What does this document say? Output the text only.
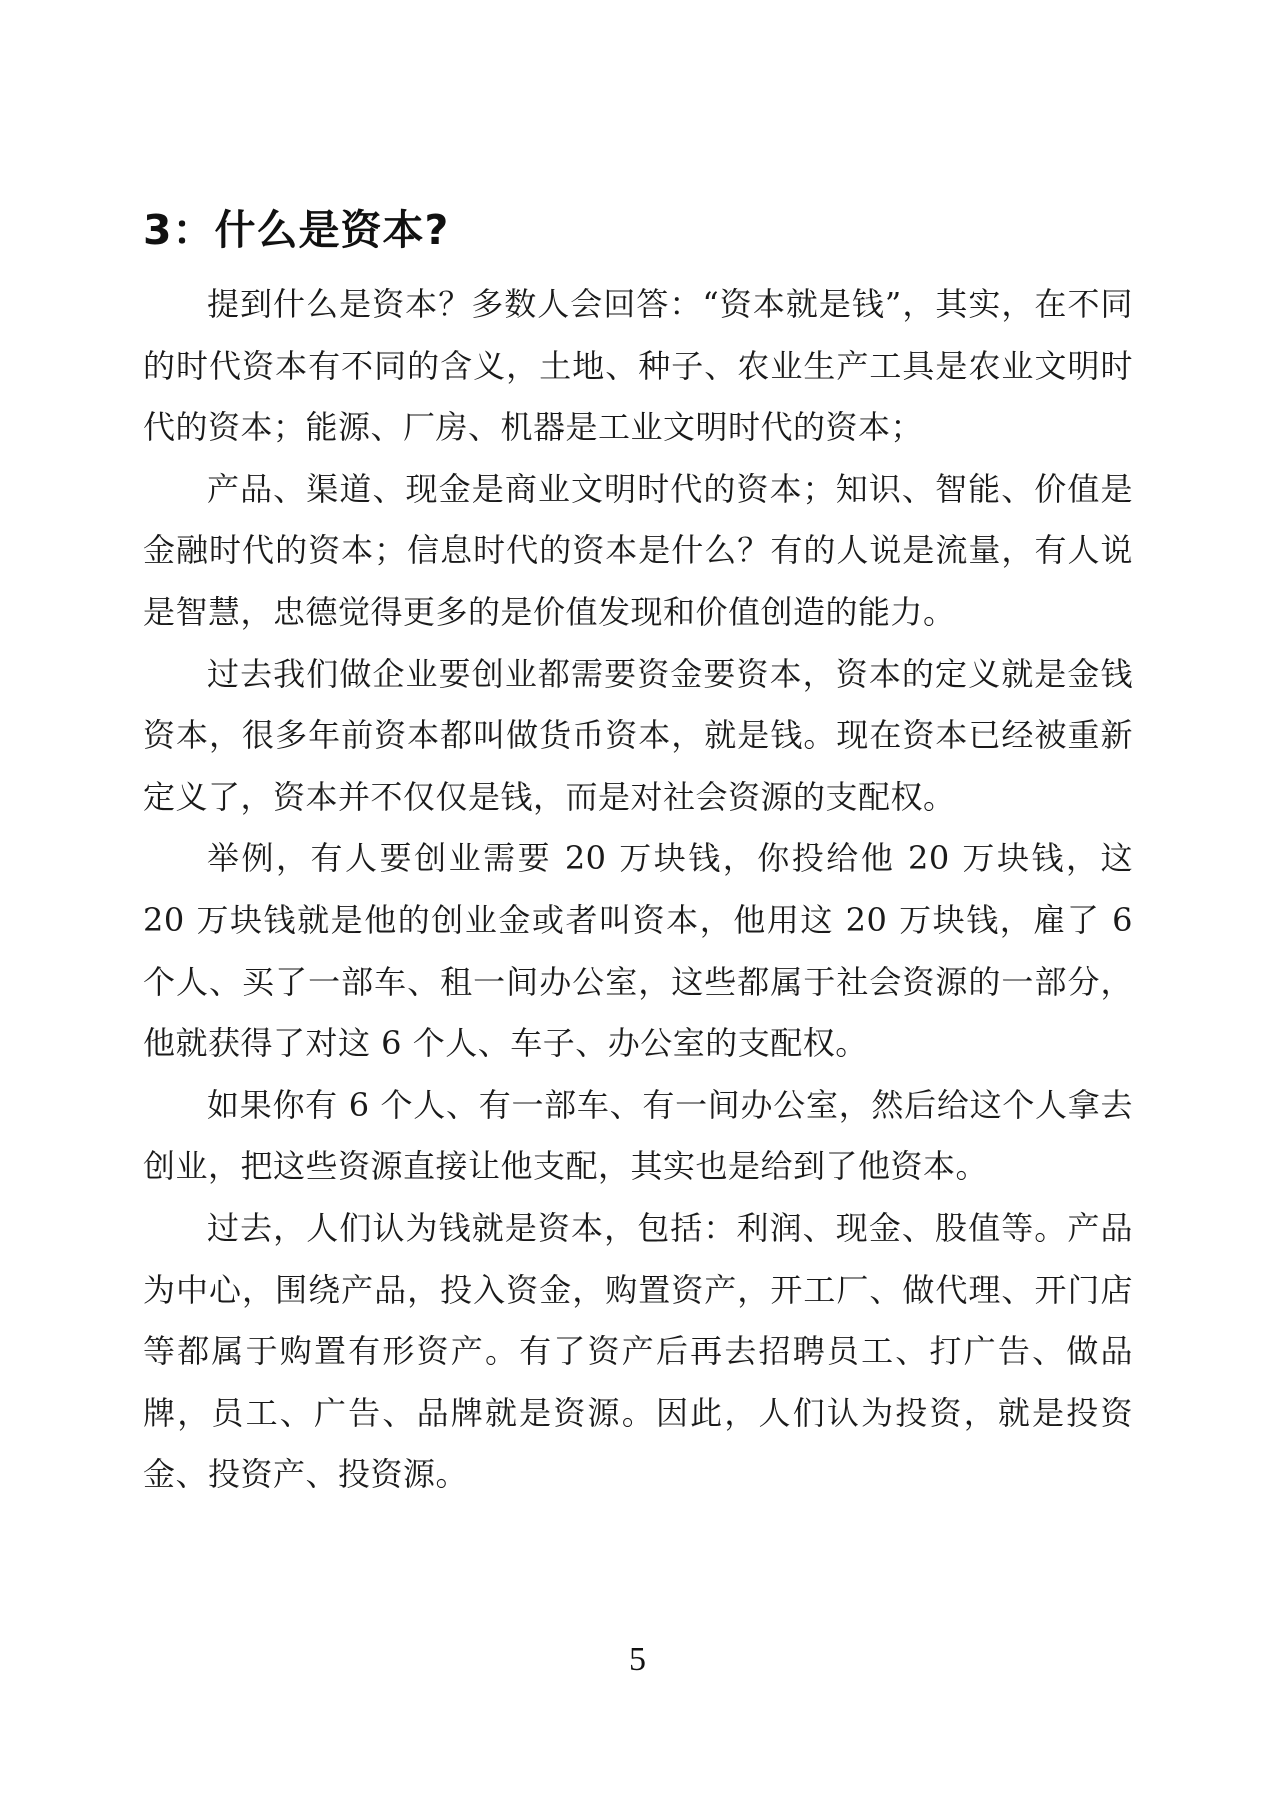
3：什么是资本?

提到什么是资本？多数人会回答：“资本就是钱”，其实，在不同的时代资本有不同的含义，土地、种子、农业生产工具是农业文明时代的资本；能源、厂房、机器是工业文明时代的资本；

产品、渠道、现金是商业文明时代的资本；知识、智能、价值是金融时代的资本；信息时代的资本是什么？有的人说是流量，有人说是智慧，忠德觉得更多的是价值发现和价值创造的能力。

过去我们做企业要创业都需要资金要资本，资本的定义就是金钱资本，很多年前资本都叫做货币资本，就是钱。现在资本已经被重新定义了，资本并不仅仅是钱，而是对社会资源的支配权。

举例，有人要创业需要 20 万块钱，你投给他 20 万块钱，这 20 万块钱就是他的创业金或者叫资本，他用这 20 万块钱，雇了 6 个人、买了一部车、租一间办公室，这些都属于社会资源的一部分，他就获得了对这 6 个人、车子、办公室的支配权。

如果你有 6 个人、有一部车、有一间办公室，然后给这个人拿去创业，把这些资源直接让他支配，其实也是给到了他资本。

过去，人们认为钱就是资本，包括：利润、现金、股值等。产品为中心，围绕产品，投入资金，购置资产，开工厂、做代理、开门店等都属于购置有形资产。有了资产后再去招聘员工、打广告、做品牌，员工、广告、品牌就是资源。因此，人们认为投资，就是投资金、投资产、投资源。

5
